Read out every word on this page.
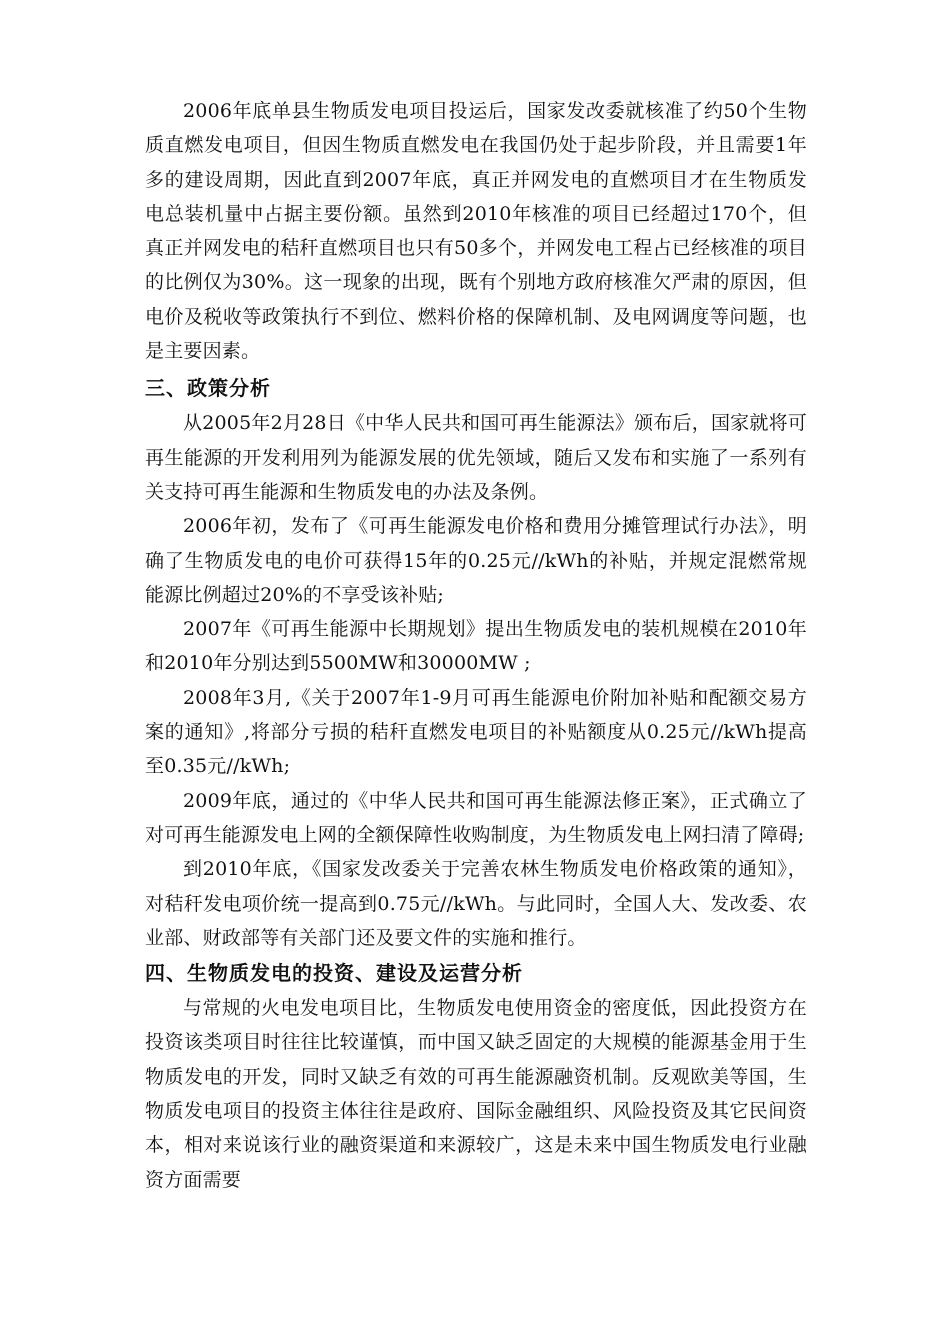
2006年底单县生物质发电项目投运后，国家发改委就核准了约50个生物质直燃发电项目，但因生物质直燃发电在我国仍处于起步阶段，并且需要1年多的建设周期，因此直到2007年底，真正并网发电的直燃项目才在生物质发电总装机量中占据主要份额。虽然到2010年核准的项目已经超过170个，但真正并网发电的秸秆直燃项目也只有50多个，并网发电工程占已经核准的项目的比例仅为30%。这一现象的出现，既有个别地方政府核准欠严肃的原因，但电价及税收等政策执行不到位、燃料价格的保障机制、及电网调度等问题，也是主要因素。

三、政策分析

从2005年2月28日《中华人民共和国可再生能源法》颁布后，国家就将可再生能源的开发利用列为能源发展的优先领域，随后又发布和实施了一系列有关支持可再生能源和生物质发电的办法及条例。

2006年初，发布了《可再生能源发电价格和费用分摊管理试行办法》，明确了生物质发电的电价可获得15年的0.25元//kWh的补贴，并规定混燃常规能源比例超过20%的不享受该补贴;

2007年《可再生能源中长期规划》提出生物质发电的装机规模在2010年和2010年分别达到5500MW和30000MW ;

2008年3月,《关于2007年1-9月可再生能源电价附加补贴和配额交易方案的通知》,将部分亏损的秸秆直燃发电项目的补贴额度从0.25元//kWh提高至0.35元//kWh;

2009年底，通过的《中华人民共和国可再生能源法修正案》，正式确立了对可再生能源发电上网的全额保障性收购制度，为生物质发电上网扫清了障碍;

到2010年底，《国家发改委关于完善农林生物质发电价格政策的通知》，对秸秆发电项价统一提高到0.75元//kWh。与此同时，全国人大、发改委、农业部、财政部等有关部门还及要文件的实施和推行。

四、生物质发电的投资、建设及运营分析

与常规的火电发电项目比，生物质发电使用资金的密度低，因此投资方在投资该类项目时往往比较谨慎，而中国又缺乏固定的大规模的能源基金用于生物质发电的开发，同时又缺乏有效的可再生能源融资机制。反观欧美等国，生物质发电项目的投资主体往往是政府、国际金融组织、风险投资及其它民间资本，相对来说该行业的融资渠道和来源较广，这是未来中国生物质发电行业融资方面需要
